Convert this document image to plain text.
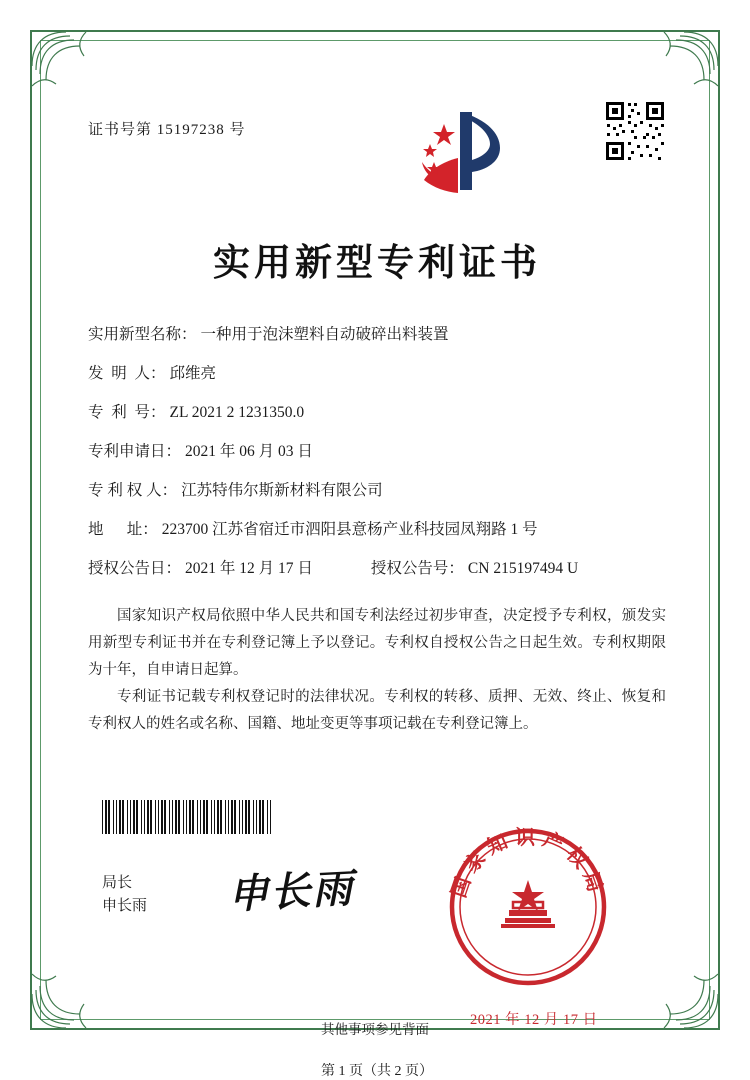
证书号第 15197238 号
实用新型专利证书
实用新型名称： 一种用于泡沫塑料自动破碎出料装置
发  明  人： 邱维亮
专  利  号： ZL 2021 2 1231350.0
专利申请日： 2021 年 06 月 03 日
专 利 权 人： 江苏特伟尔斯新材料有限公司
地      址： 223700 江苏省宿迁市泗阳县意杨产业科技园凤翔路 1 号
授权公告日： 2021 年 12 月 17 日	授权公告号： CN 215197494 U

国家知识产权局依照中华人民共和国专利法经过初步审查，决定授予专利权，颁发实用新型专利证书并在专利登记簿上予以登记。专利权自授权公告之日起生效。专利权期限为十年，自申请日起算。

专利证书记载专利权登记时的法律状况。专利权的转移、质押、无效、终止、恢复和专利权人的姓名或名称、国籍、地址变更等事项记载在专利登记簿上。

局长
申长雨 申长雨	国家知识产权局
2021 年 12 月 17 日
第 1 页（共 2 页）
其他事项参见背面
